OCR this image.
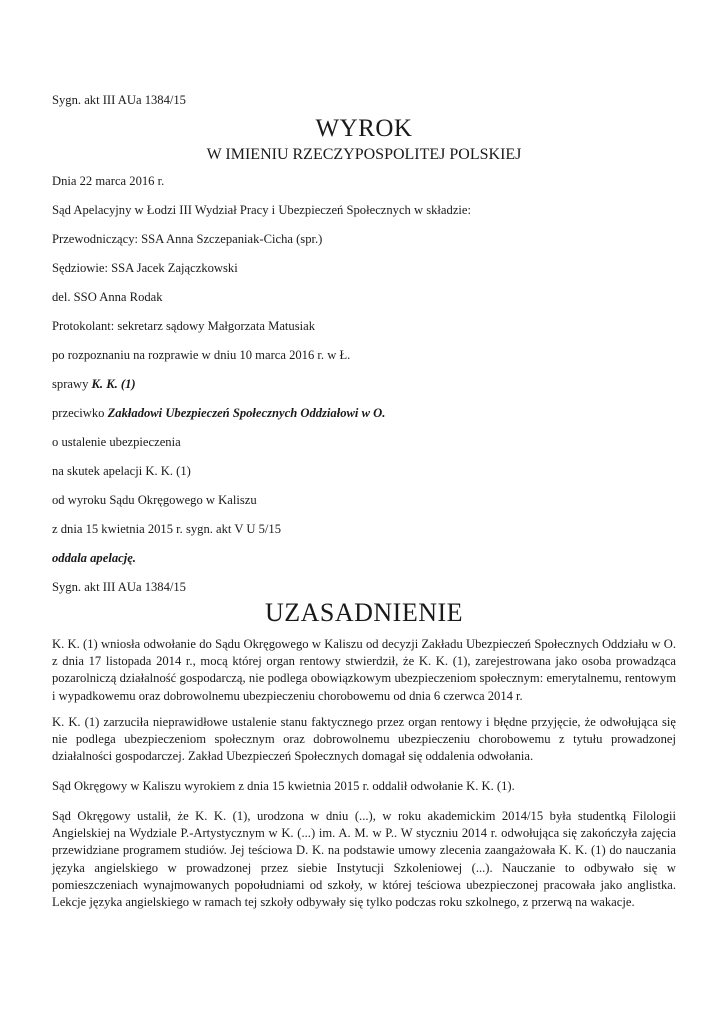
Sygn. akt III AUa 1384/15

WYROK
W IMIENIU RZECZYPOSPOLITEJ POLSKIEJ

Dnia 22 marca 2016 r.

Sąd Apelacyjny w Łodzi III Wydział Pracy i Ubezpieczeń Społecznych w składzie:

Przewodniczący: SSA Anna Szczepaniak-Cicha (spr.)

Sędziowie: SSA Jacek Zajączkowski

del. SSO Anna Rodak

Protokolant: sekretarz sądowy Małgorzata Matusiak

po rozpoznaniu na rozprawie w dniu 10 marca 2016 r. w Ł.

sprawy K. K. (1)

przeciwko Zakładowi Ubezpieczeń Społecznych Oddziałowi w O.

o ustalenie ubezpieczenia

na skutek apelacji K. K. (1)

od wyroku Sądu Okręgowego w Kaliszu

z dnia 15 kwietnia 2015 r. sygn. akt V U 5/15

oddala apelację.

Sygn. akt III AUa 1384/15

UZASADNIENIE

K. K. (1) wniosła odwołanie do Sądu Okręgowego w Kaliszu od decyzji Zakładu Ubezpieczeń Społecznych Oddziału w O. z dnia 17 listopada 2014 r., mocą której organ rentowy stwierdził, że K. K. (1), zarejestrowana jako osoba prowadząca pozarolniczą działalność gospodarczą, nie podlega obowiązkowym ubezpieczeniom społecznym: emerytalnemu, rentowym i wypadkowemu oraz dobrowolnemu ubezpieczeniu chorobowemu od dnia 6 czerwca 2014 r.

K. K. (1) zarzuciła nieprawidłowe ustalenie stanu faktycznego przez organ rentowy i błędne przyjęcie, że odwołująca się nie podlega ubezpieczeniom społecznym oraz dobrowolnemu ubezpieczeniu chorobowemu z tytułu prowadzonej działalności gospodarczej. Zakład Ubezpieczeń Społecznych domagał się oddalenia odwołania.

Sąd Okręgowy w Kaliszu wyrokiem z dnia 15 kwietnia 2015 r. oddalił odwołanie K. K. (1).

Sąd Okręgowy ustalił, że K. K. (1), urodzona w dniu (...), w roku akademickim 2014/15 była studentką Filologii Angielskiej na Wydziale P.-Artystycznym w K. (...) im. A. M. w P.. W styczniu 2014 r. odwołująca się zakończyła zajęcia przewidziane programem studiów. Jej teściowa D. K. na podstawie umowy zlecenia zaangażowała K. K. (1) do nauczania języka angielskiego w prowadzonej przez siebie Instytucji Szkoleniowej (...). Nauczanie to odbywało się w pomieszczeniach wynajmowanych popołudniami od szkoły, w której teściowa ubezpieczonej pracowała jako anglistka. Lekcje języka angielskiego w ramach tej szkoły odbywały się tylko podczas roku szkolnego, z przerwą na wakacje.
